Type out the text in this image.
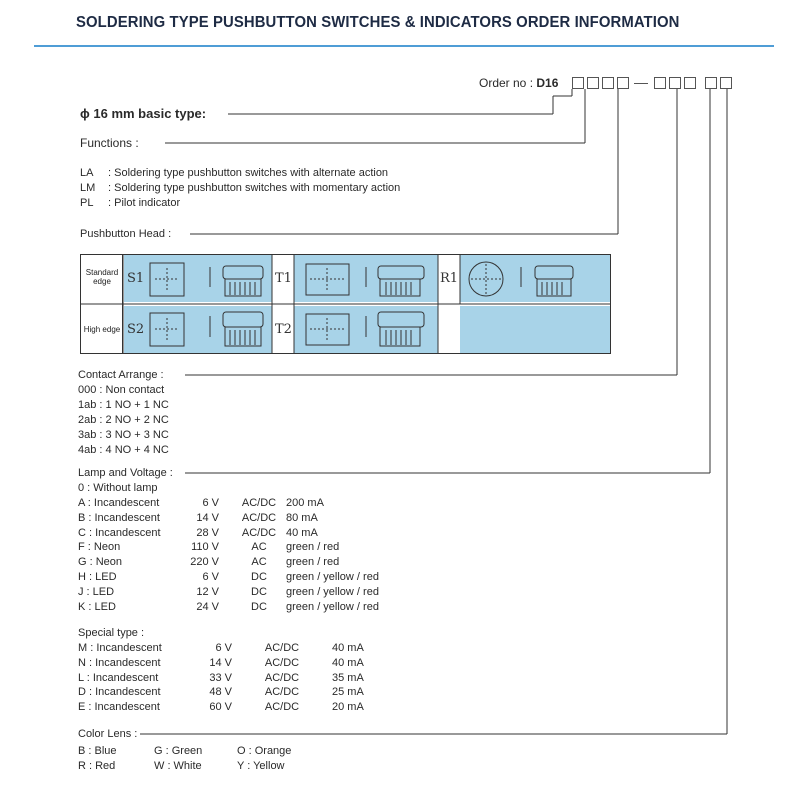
SOLDERING TYPE PUSHBUTTON SWITCHES & INDICATORS ORDER INFORMATION
Order no : D16
ϕ 16 mm basic type:
Functions :
LA : Soldering type pushbutton switches with alternate action
LM : Soldering type pushbutton switches with momentary action
PL : Pilot indicator
Pushbutton Head :
Standard edge
High edge
S1
S2
T1
T2
R1
Contact Arrange :
000 : Non contact
1ab : 1 NO + 1 NC
2ab : 2 NO + 2 NC
3ab : 3 NO + 3 NC
4ab : 4 NO + 4 NC
Lamp and Voltage :
0 : Without lamp
A : Incandescent	6 V	AC/DC 200 mA
B : Incandescent	14 V	AC/DC 80 mA
C : Incandescent	28 V	AC/DC 40 mA
F : Neon	110 V	AC	green / red
G : Neon	220 V	AC	green / red
H : LED	6 V	DC	green / yellow / red
J : LED	12 V	DC	green / yellow / red
K : LED	24 V	DC	green / yellow / red
Special type :
M : Incandescent	6 V	AC/DC	40 mA
N : Incandescent	14 V	AC/DC	40 mA
L : Incandescent	33 V	AC/DC	35 mA
D : Incandescent	48 V	AC/DC	25 mA
E : Incandescent	60 V	AC/DC	20 mA
Color Lens :
B : Blue	G : Green	O : Orange
R : Red	W : White	Y : Yellow
